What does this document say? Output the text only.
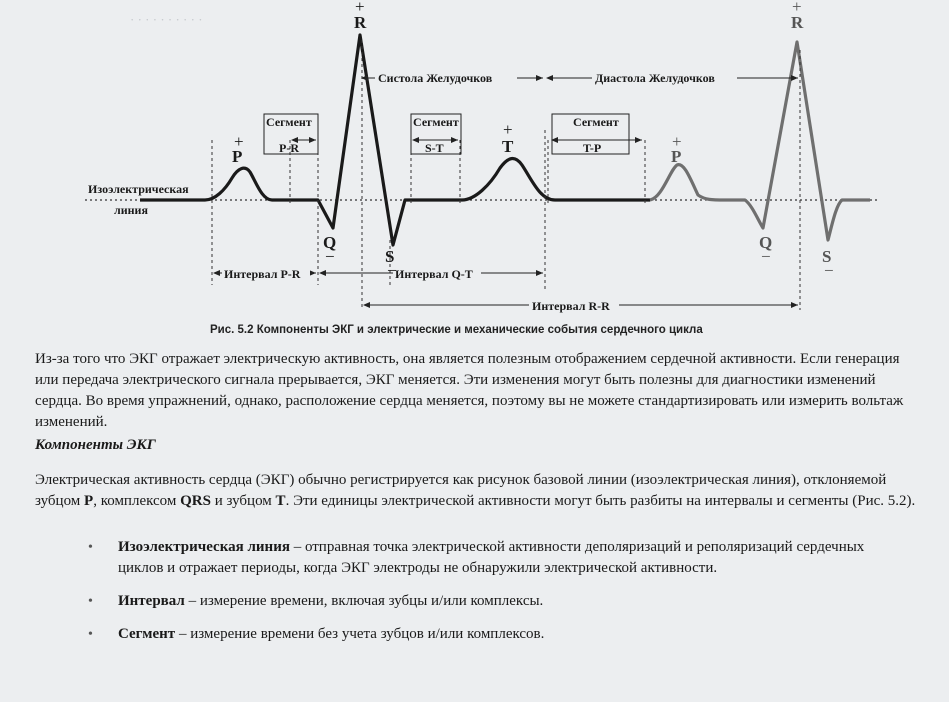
· · · · · · · · · ·	R
+
R
+
P
+
P
+
T
+
Q
−
Q
−
S
−
S
−
Изоэлектрическая
линия
Сегмент
P-R
Сегмент
S-T
Сегмент
T-P
Систола Желудочков	Диастола Желудочков
Интервал P-R	Интервал Q-T
Интервал R-R
Рис. 5.2 Компоненты ЭКГ и электрические и механические события сердечного цикла
Из-за того что ЭКГ отражает электрическую активность, она является полезным отображением сердечной активности. Если генерация или передача электрического сигнала прерывается, ЭКГ меняется. Эти изменения могут быть полезны для диагностики изменений сердца. Во время упражнений, однако, расположение сердца меняется, поэтому вы не можете стандартизировать или измерить вольтаж изменений.
Компоненты ЭКГ
Электрическая активность сердца (ЭКГ) обычно регистрируется как рисунок базовой линии (изоэлектрическая линия), отклоняемой зубцом P, комплексом QRS и зубцом T. Эти единицы электрической активности могут быть разбиты на интервалы и сегменты (Рис. 5.2).
• Изоэлектрическая линия – отправная точка электрической активности деполяризаций и реполяризаций сердечных циклов и отражает периоды, когда ЭКГ электроды не обнаружили электрической активности.
• Интервал – измерение времени, включая зубцы и/или комплексы.
• Сегмент – измерение времени без учета зубцов и/или комплексов.
